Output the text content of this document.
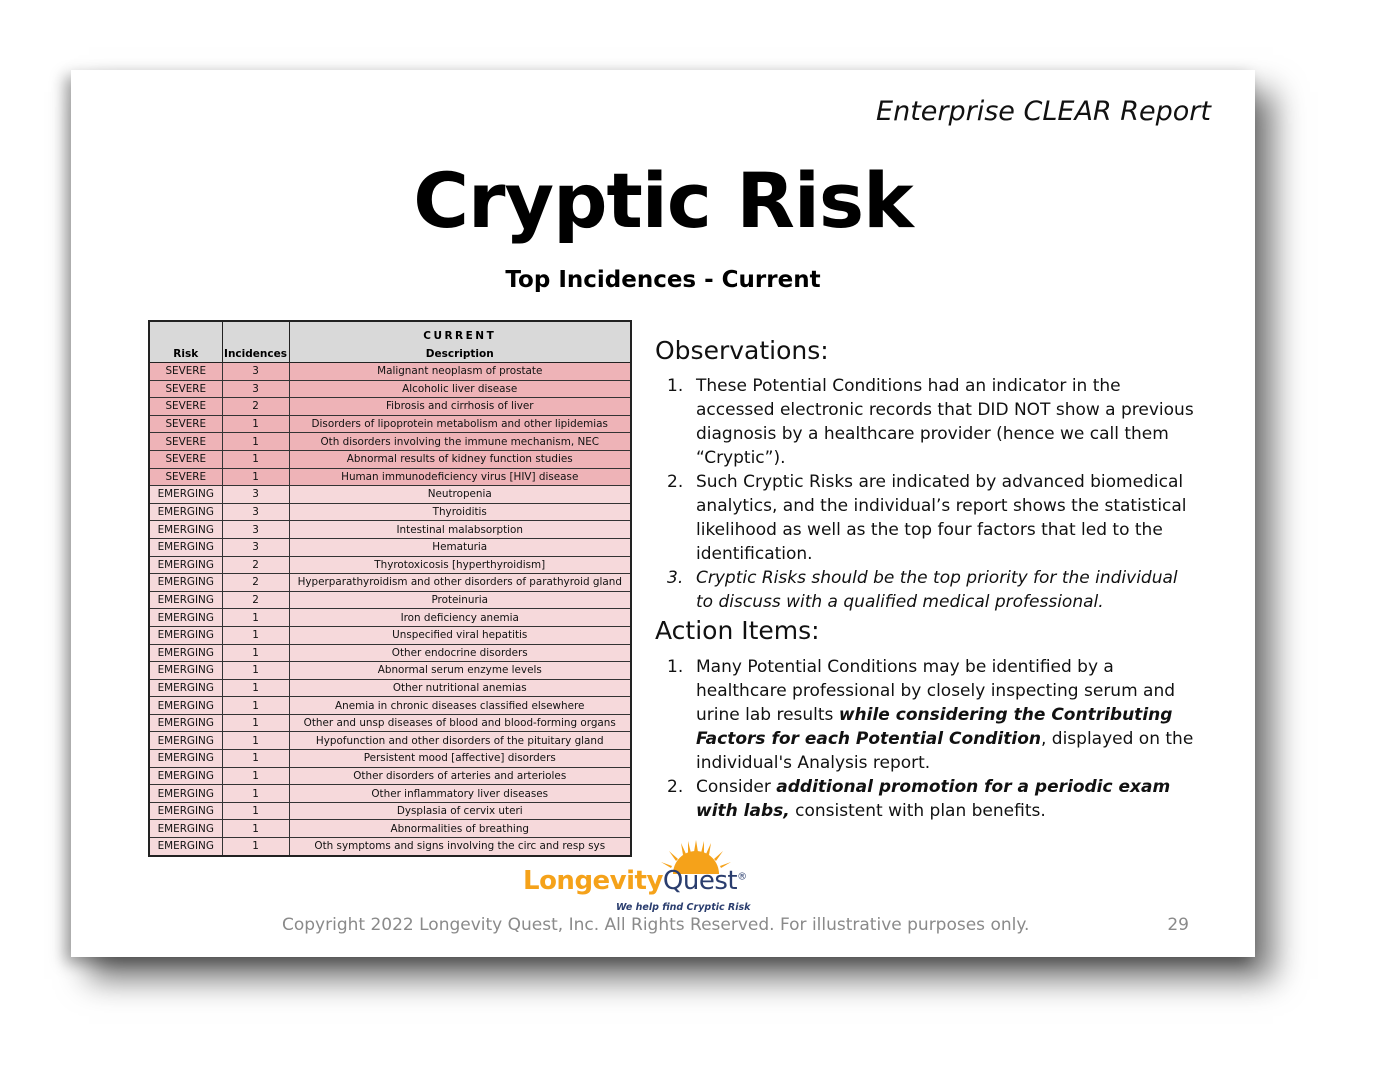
Enterprise CLEAR Report
Cryptic Risk
Top Incidences - Current
Risk	Incidences	CURRENT
Description

SEVERE	3	Malignant neoplasm of prostate
SEVERE	3	Alcoholic liver disease
SEVERE	2	Fibrosis and cirrhosis of liver
SEVERE	1	Disorders of lipoprotein metabolism and other lipidemias
SEVERE	1	Oth disorders involving the immune mechanism, NEC
SEVERE	1	Abnormal results of kidney function studies
SEVERE	1	Human immunodeficiency virus [HIV] disease
EMERGING	3	Neutropenia
EMERGING	3	Thyroiditis
EMERGING	3	Intestinal malabsorption
EMERGING	3	Hematuria
EMERGING	2	Thyrotoxicosis [hyperthyroidism]
EMERGING	2	Hyperparathyroidism and other disorders of parathyroid gland
EMERGING	2	Proteinuria
EMERGING	1	Iron deficiency anemia
EMERGING	1	Unspecified viral hepatitis
EMERGING	1	Other endocrine disorders
EMERGING	1	Abnormal serum enzyme levels
EMERGING	1	Other nutritional anemias
EMERGING	1	Anemia in chronic diseases classified elsewhere
EMERGING	1	Other and unsp diseases of blood and blood-forming organs
EMERGING	1	Hypofunction and other disorders of the pituitary gland
EMERGING	1	Persistent mood [affective] disorders
EMERGING	1	Other disorders of arteries and arterioles
EMERGING	1	Other inflammatory liver diseases
EMERGING	1	Dysplasia of cervix uteri
EMERGING	1	Abnormalities of breathing
EMERGING	1	Oth symptoms and signs involving the circ and resp sys
Observations:
1. These Potential Conditions had an indicator in the accessed electronic records that DID NOT show a previous diagnosis by a healthcare provider (hence we call them “Cryptic”).
2. Such Cryptic Risks are indicated by advanced biomedical analytics, and the individual’s report shows the statistical likelihood as well as the top four factors that led to the identification.
3. Cryptic Risks should be the top priority for the individual to discuss with a qualified medical professional.
Action Items:
1. Many Potential Conditions may be identified by a healthcare professional by closely inspecting serum and urine lab results while considering the Contributing Factors for each Potential Condition, displayed on the individual's Analysis report.
2. Consider additional promotion for a periodic exam with labs, consistent with plan benefits.
LongevityQuest®
We help find Cryptic Risk
Copyright 2022 Longevity Quest, Inc. All Rights Reserved. For illustrative purposes only.	29
